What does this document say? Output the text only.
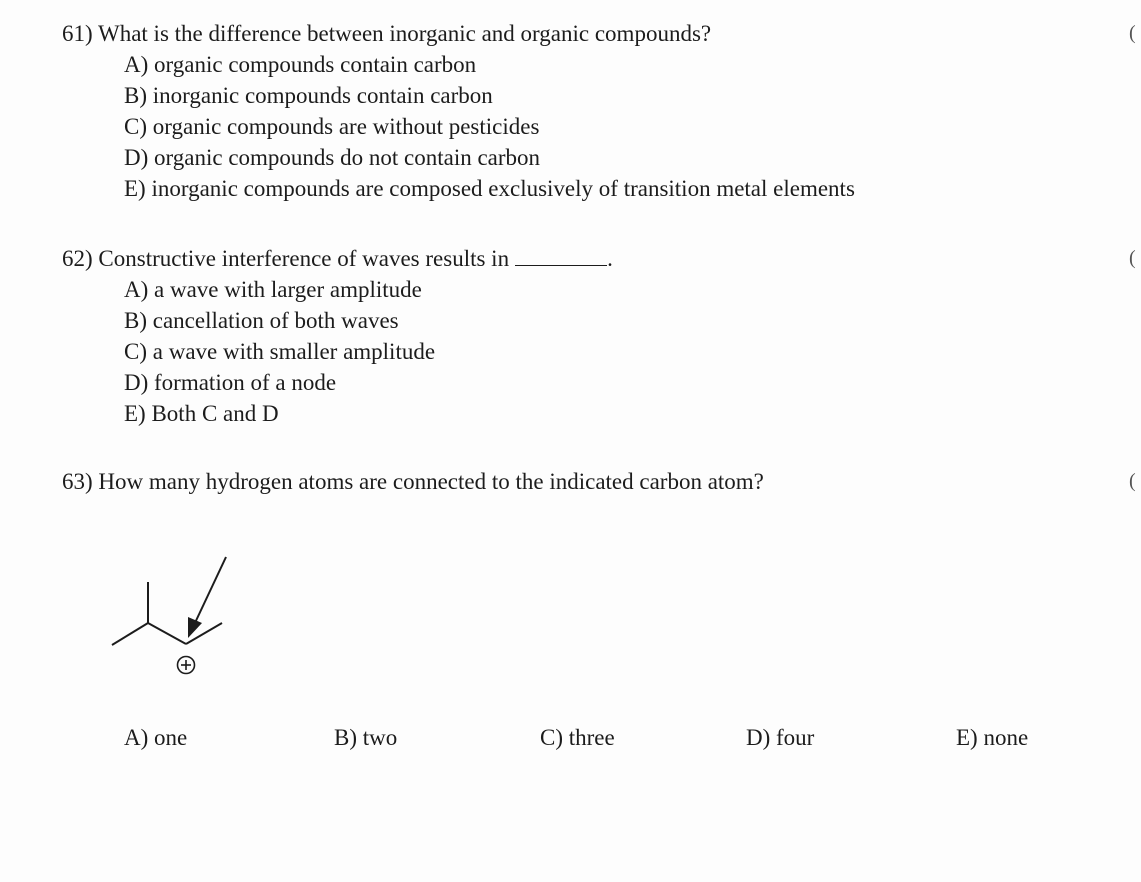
61) What is the difference between inorganic and organic compounds?
A) organic compounds contain carbon
B) inorganic compounds contain carbon
C) organic compounds are without pesticides
D) organic compounds do not contain carbon
E) inorganic compounds are composed exclusively of transition metal elements
62) Constructive interference of waves results in	.
A) a wave with larger amplitude
B) cancellation of both waves
C) a wave with smaller amplitude
D) formation of a node
E) Both C and D
63) How many hydrogen atoms are connected to the indicated carbon atom?
A) one	B) two	C) three	D) four	E) none
(
(
(
